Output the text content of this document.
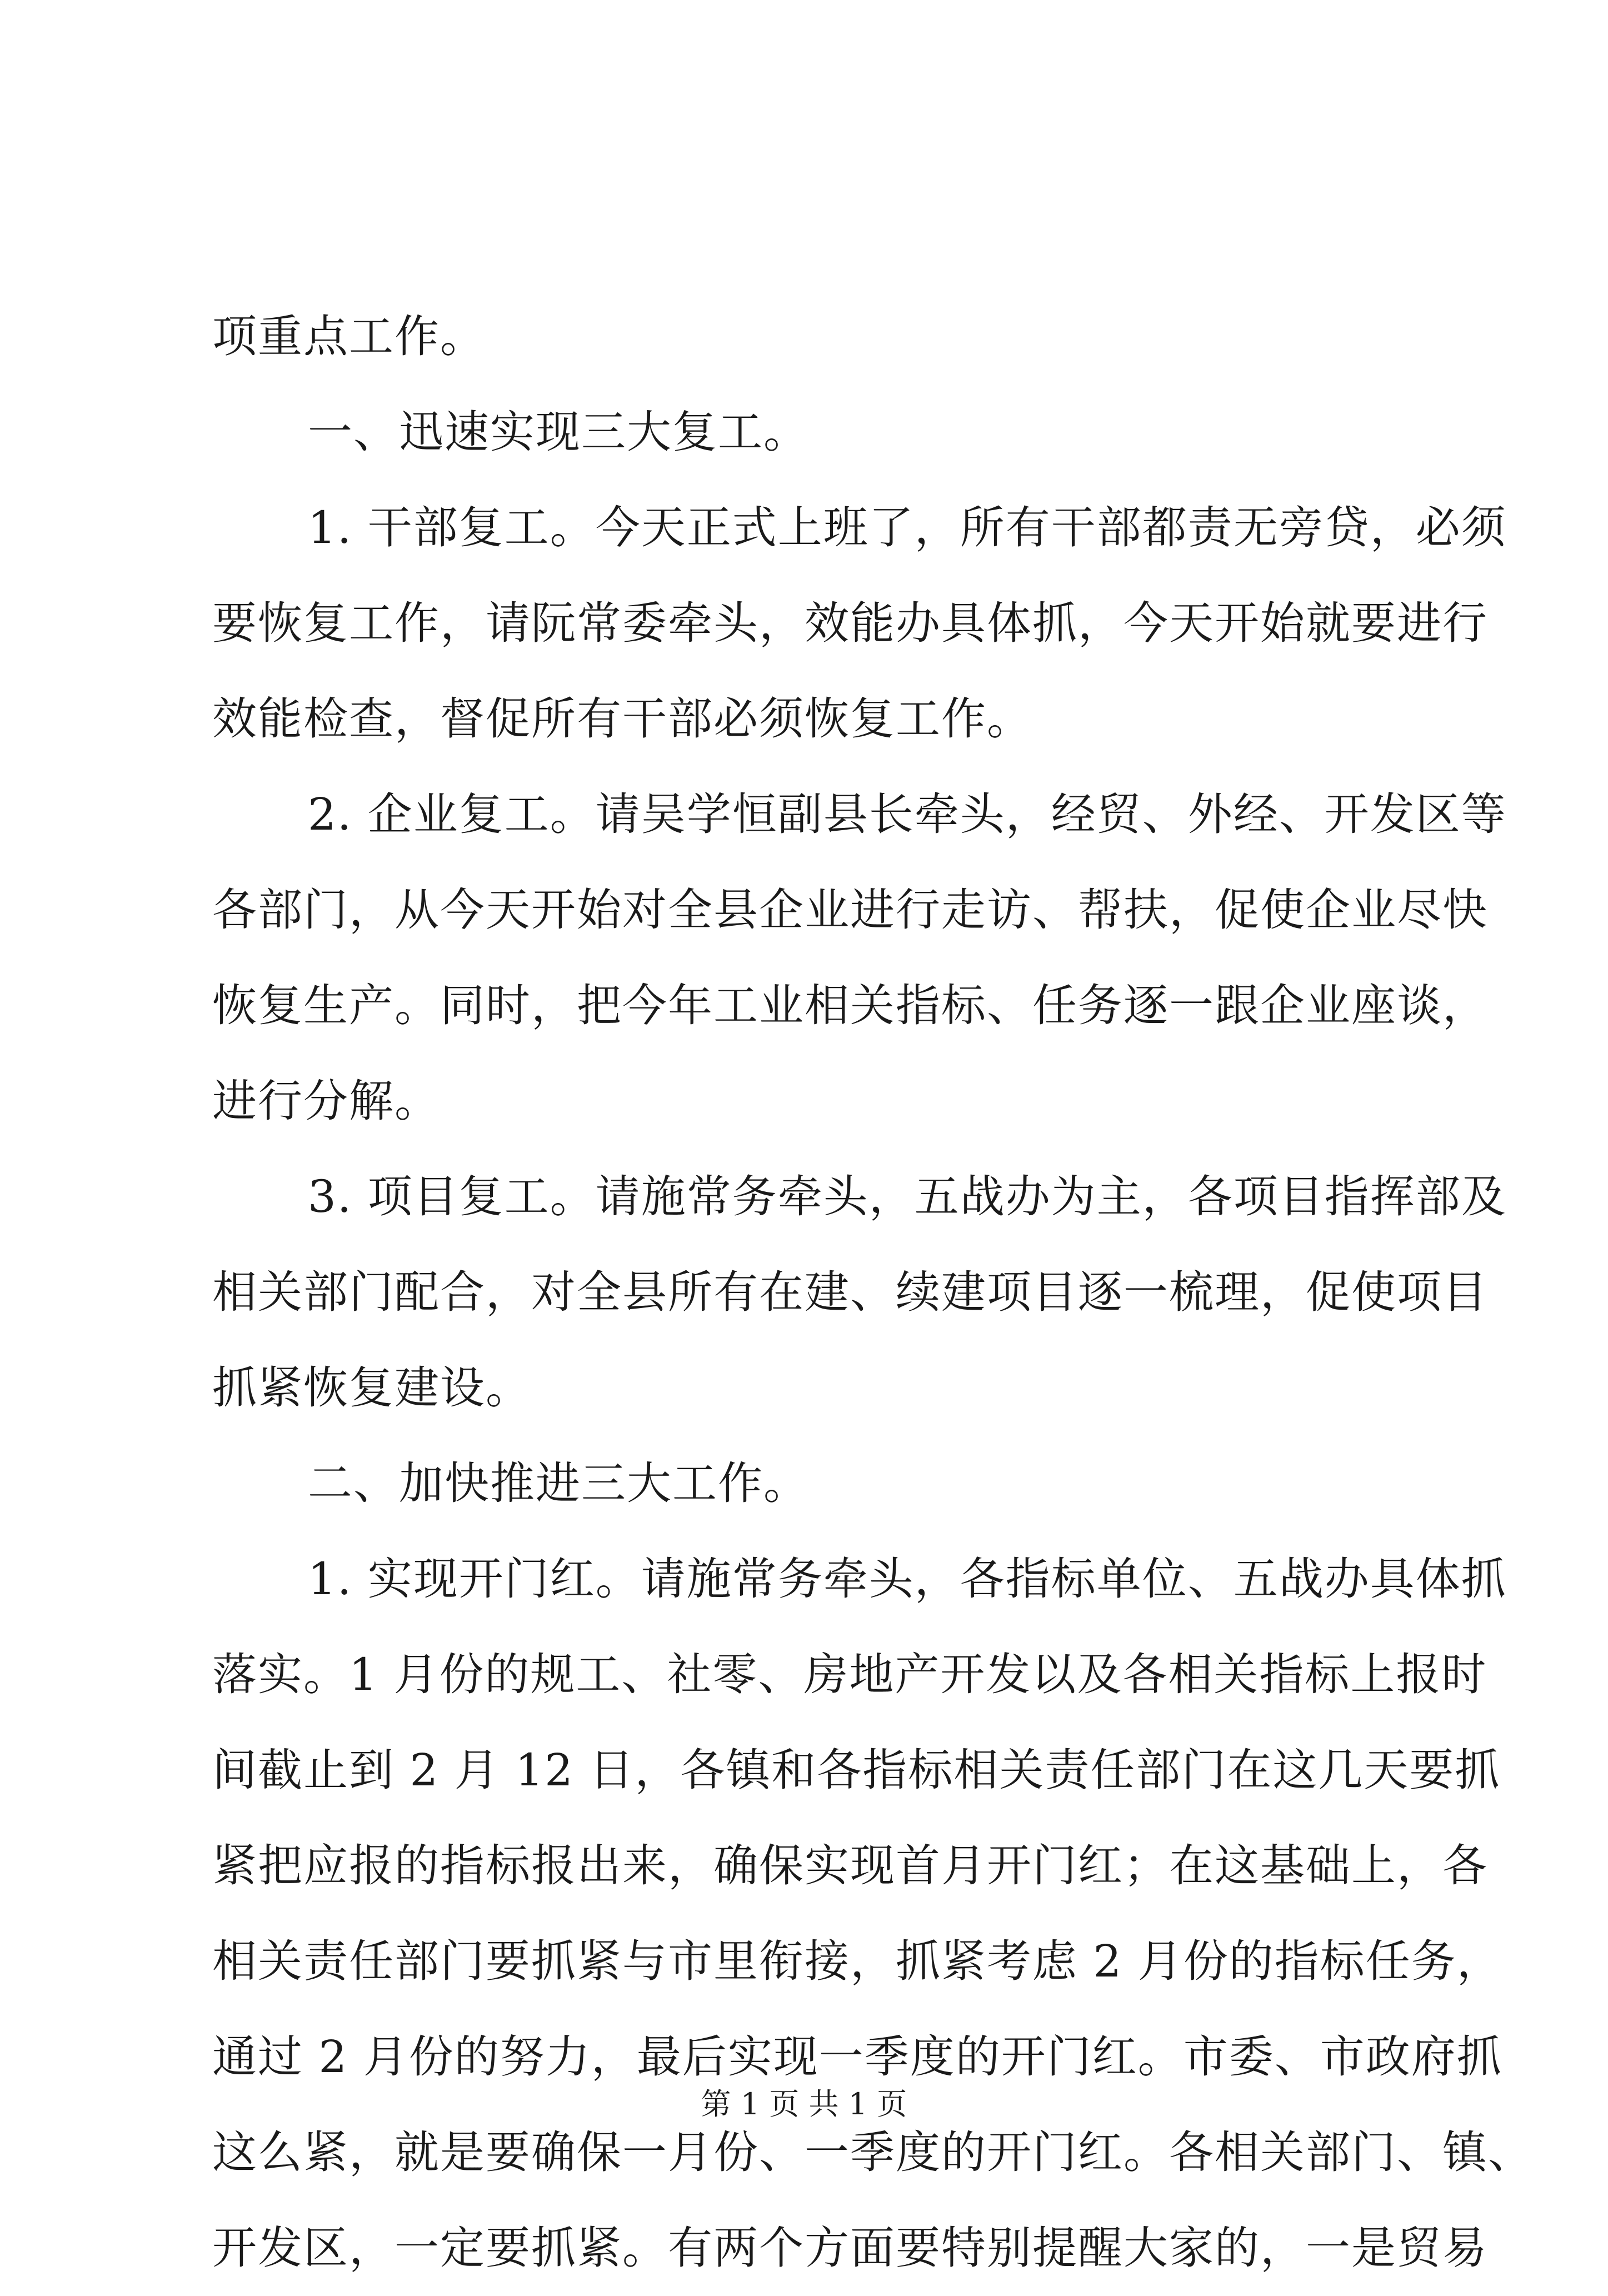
项重点工作。
一、迅速实现三大复工。
1. 干部复工。今天正式上班了，所有干部都责无旁贷，必须
要恢复工作，请阮常委牵头，效能办具体抓，今天开始就要进行
效能检查，督促所有干部必须恢复工作。
2. 企业复工。请吴学恒副县长牵头，经贸、外经、开发区等
各部门，从今天开始对全县企业进行走访、帮扶，促使企业尽快
恢复生产。同时，把今年工业相关指标、任务逐一跟企业座谈，
进行分解。
3. 项目复工。请施常务牵头，五战办为主，各项目指挥部及
相关部门配合，对全县所有在建、续建项目逐一梳理，促使项目
抓紧恢复建设。
二、加快推进三大工作。
1. 实现开门红。请施常务牵头，各指标单位、五战办具体抓
落实。1 月份的规工、社零、房地产开发以及各相关指标上报时
间截止到 2 月 12 日，各镇和各指标相关责任部门在这几天要抓
紧把应报的指标报出来，确保实现首月开门红；在这基础上，各
相关责任部门要抓紧与市里衔接，抓紧考虑 2 月份的指标任务，
通过 2 月份的努力，最后实现一季度的开门红。市委、市政府抓
这么紧，就是要确保一月份、一季度的开门红。各相关部门、镇、
开发区，一定要抓紧。有两个方面要特别提醒大家的，一是贸易
第 1 页 共 1 页
